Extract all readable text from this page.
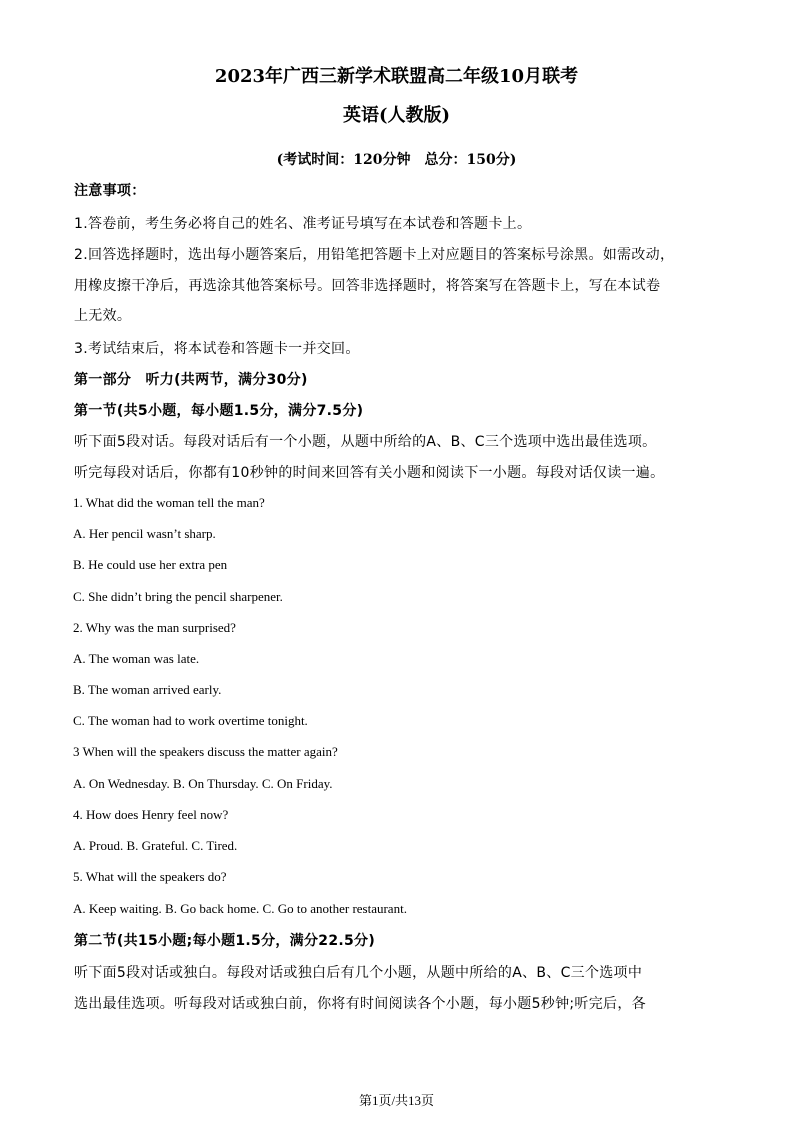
2023年广西三新学术联盟高二年级10月联考
英语(人教版)
(考试时间：120分钟　总分：150分)
注意事项：
1.答卷前，考生务必将自己的姓名、准考证号填写在本试卷和答题卡上。
2.回答选择题时，选出每小题答案后，用铅笔把答题卡上对应题目的答案标号涂黑。如需改动，
用橡皮擦干净后，再选涂其他答案标号。回答非选择题时，将答案写在答题卡上，写在本试卷
上无效。
3.考试结束后，将本试卷和答题卡一并交回。
第一部分　听力(共两节，满分30分)
第一节(共5小题，每小题1.5分，满分7.5分)
听下面5段对话。每段对话后有一个小题，从题中所给的A、B、C三个选项中选出最佳选项。
听完每段对话后，你都有10秒钟的时间来回答有关小题和阅读下一小题。每段对话仅读一遍。
1. What did the woman tell the man?
A. Her pencil wasn’t sharp.
B. He could use her extra pen
C. She didn’t bring the pencil sharpener.
2. Why was the man surprised?
A. The woman was late.
B. The woman arrived early.
C. The woman had to work overtime tonight.
3 When will the speakers discuss the matter again?
A. On Wednesday. B. On Thursday. C. On Friday.
4. How does Henry feel now?
A. Proud. B. Grateful. C. Tired.
5. What will the speakers do?
A. Keep waiting. B. Go back home. C. Go to another restaurant.
第二节(共15小题;每小题1.5分，满分22.5分)
听下面5段对话或独白。每段对话或独白后有几个小题，从题中所给的A、B、C三个选项中
选出最佳选项。听每段对话或独白前，你将有时间阅读各个小题，每小题5秒钟;听完后，各
第1页/共13页
